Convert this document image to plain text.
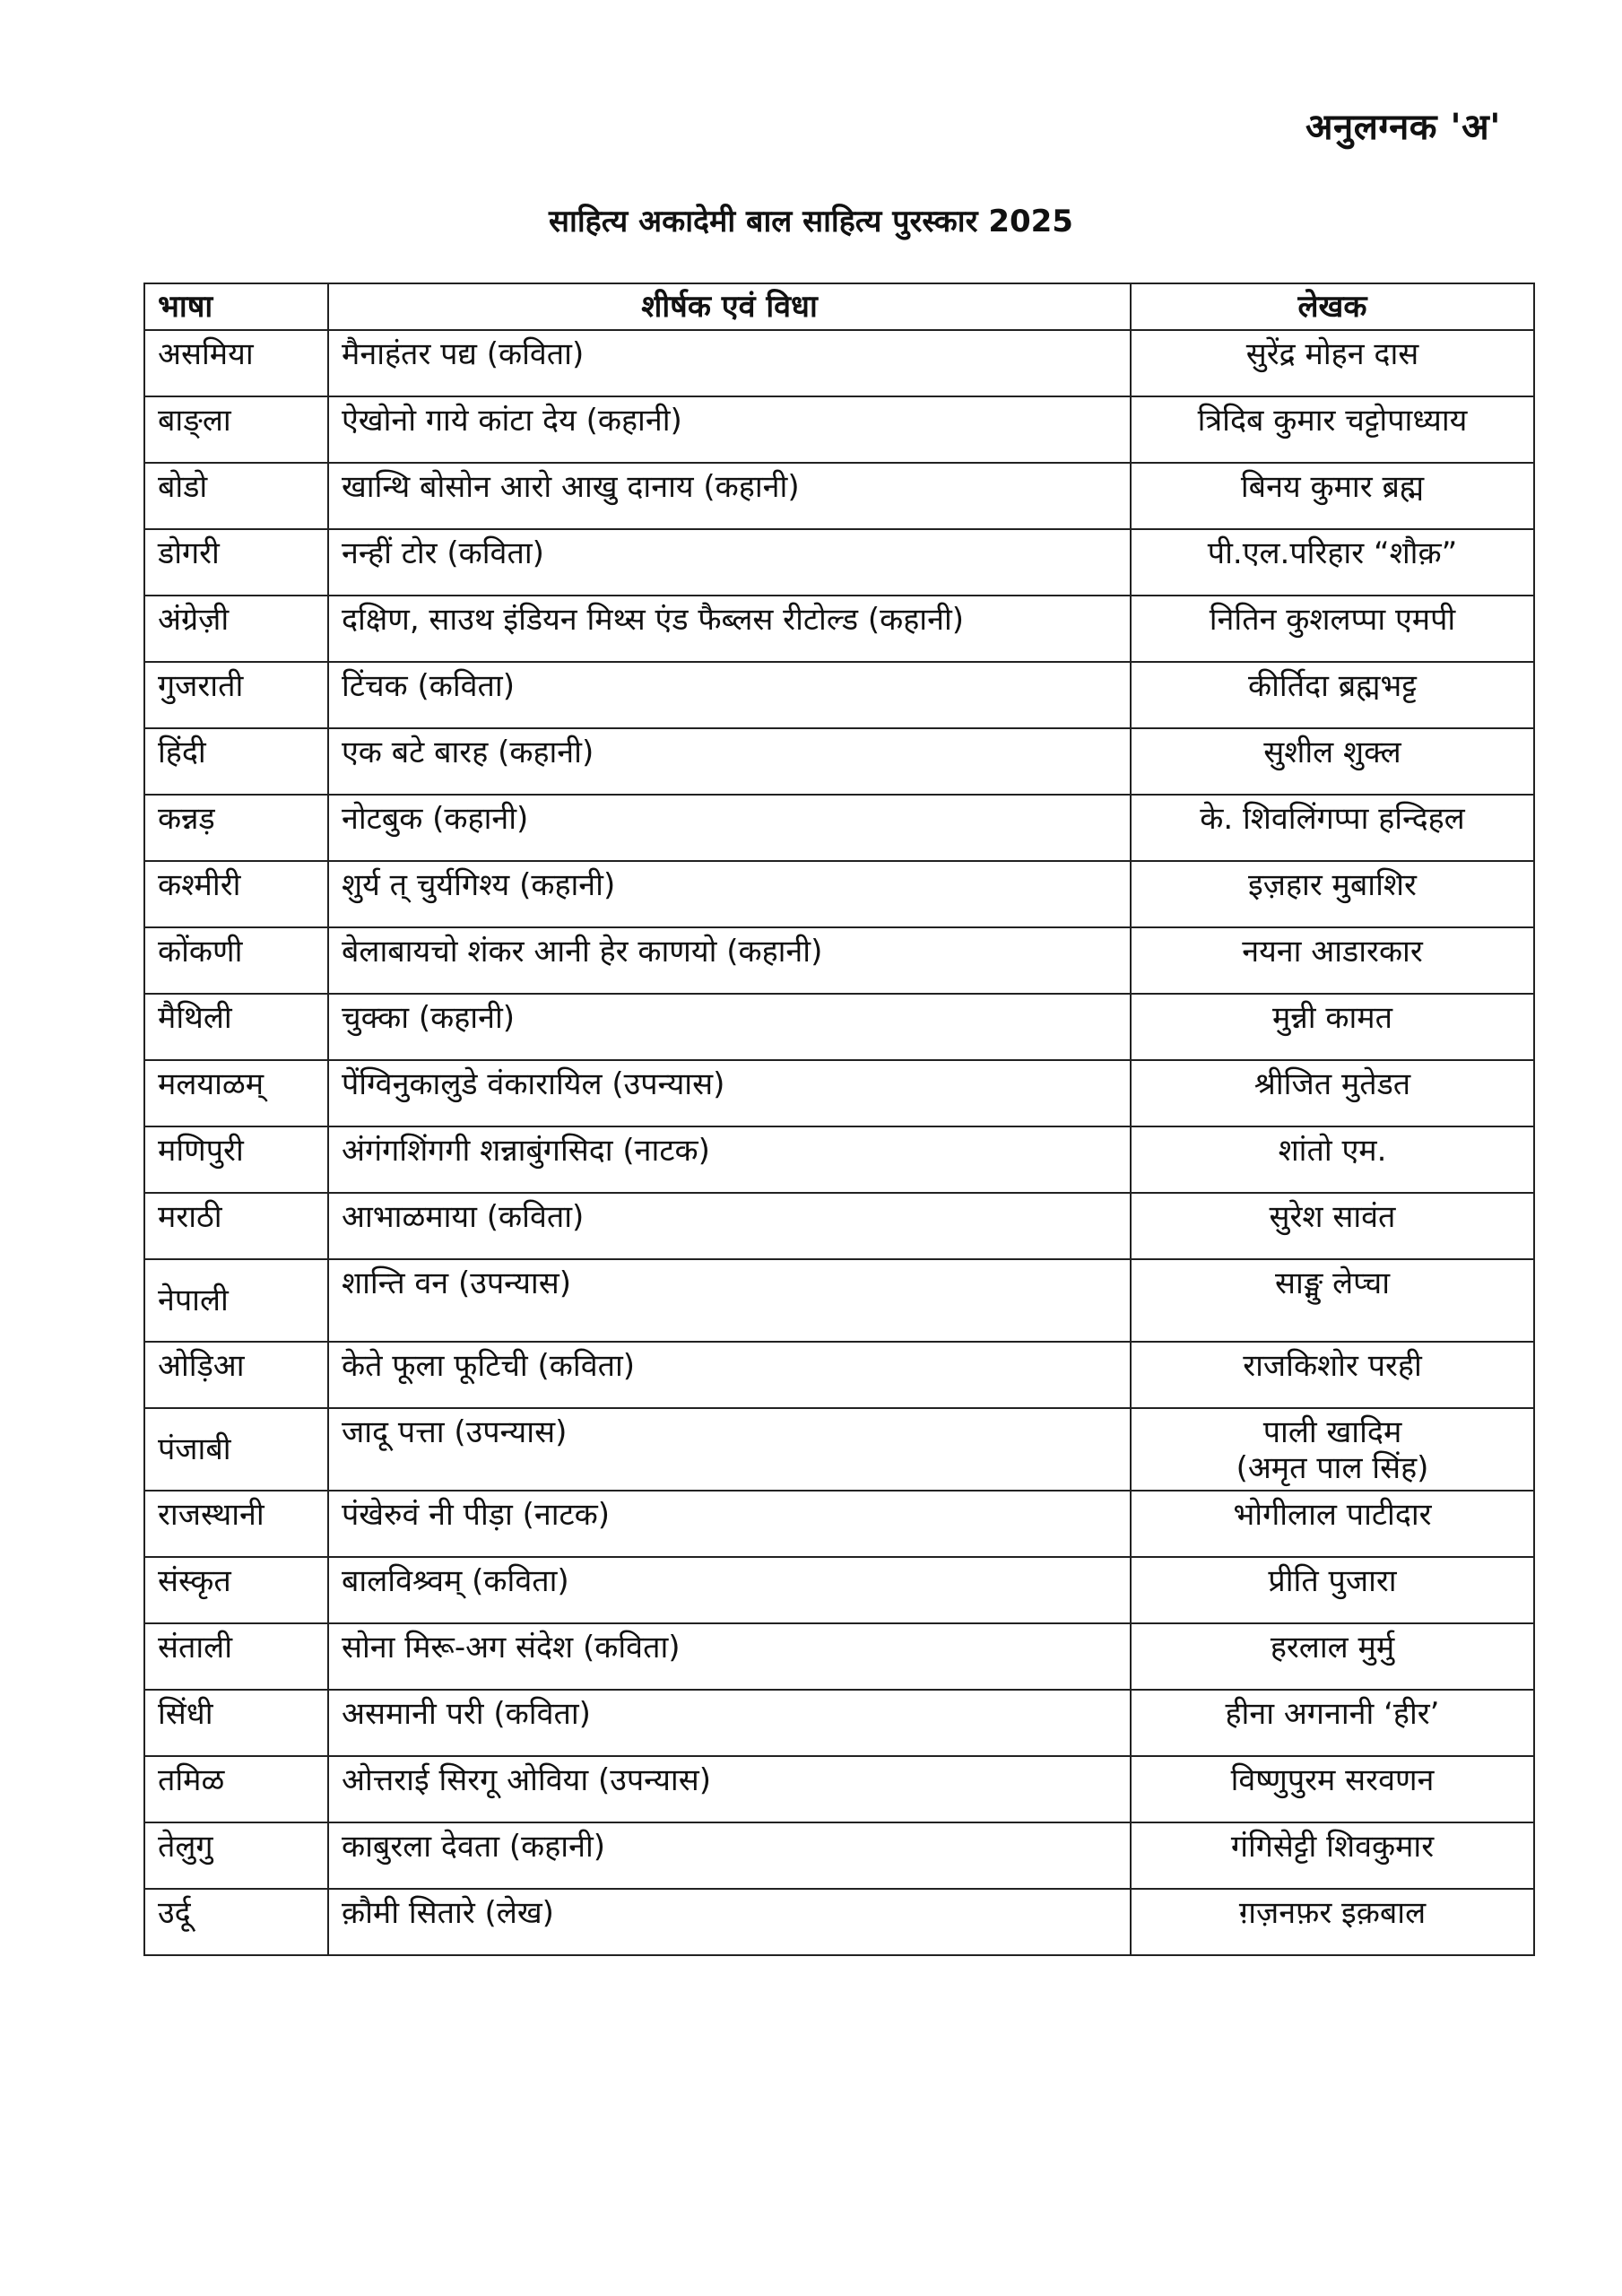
अनुलग्नक 'अ'
साहित्य अकादेमी बाल साहित्य पुरस्कार 2025
भाषा	शीर्षक एवं विधा	लेखक
असमिया	मैनाहंतर पद्य (कविता)	सुरेंद्र मोहन दास
बाङ्ला	ऐखोनो गाये कांटा देय (कहानी)	त्रिदिब कुमार चट्टोपाध्याय
बोडो	खान्थि बोसोन आरो आखु दानाय (कहानी)	बिनय कुमार ब्रह्म
डोगरी	नन्हीं टोर (कविता)	पी.एल.परिहार “शौक़”
अंग्रेज़ी	दक्षिण, साउथ इंडियन मिथ्स एंड फैब्लस रीटोल्ड (कहानी)	नितिन कुशलप्पा एमपी
गुजराती	टिंचक (कविता)	कीर्तिदा ब्रह्मभट्ट
हिंदी	एक बटे बारह (कहानी)	सुशील शुक्ल
कन्नड़	नोटबुक (कहानी)	के. शिवलिंगप्पा हन्दिहल
कश्मीरी	शुर्य त् चुर्यगिश्य (कहानी)	इज़हार मुबाशिर
कोंकणी	बेलाबायचो शंकर आनी हेर काणयो (कहानी)	नयना आडारकार
मैथिली	चुक्का (कहानी)	मुन्नी कामत
मलयाळम्	पेंग्विनुकालुडे वंकारायिल (उपन्यास)	श्रीजित मुतेडत
मणिपुरी	अंगंगशिंगगी शन्नाबुंगसिदा (नाटक)	शांतो एम.
मराठी	आभाळमाया (कविता)	सुरेश सावंत
नेपाली	शान्ति वन (उपन्यास)	साङ्मु लेप्चा
ओड़िआ	केते फूला फूटिची (कविता)	राजकिशोर परही
पंजाबी	जादू पत्ता (उपन्यास)	पाली खादिम
(अमृत पाल सिंह)

राजस्थानी	पंखेरुवं नी पीड़ा (नाटक)	भोगीलाल पाटीदार
संस्कृत	बालविश्र्वम् (कविता)	प्रीति पुजारा
संताली	सोना मिरू-अग संदेश (कविता)	हरलाल मुर्मु
सिंधी	असमानी परी (कविता)	हीना अगनानी ‘हीर’
तमिळ	ओत्तराई सिरगू ओविया (उपन्यास)	विष्णुपुरम सरवणन
तेलुगु	काबुरला देवता (कहानी)	गंगिसेट्टी शिवकुमार
उर्दू	क़ौमी सितारे (लेख)	ग़ज़नफ़र इक़बाल
